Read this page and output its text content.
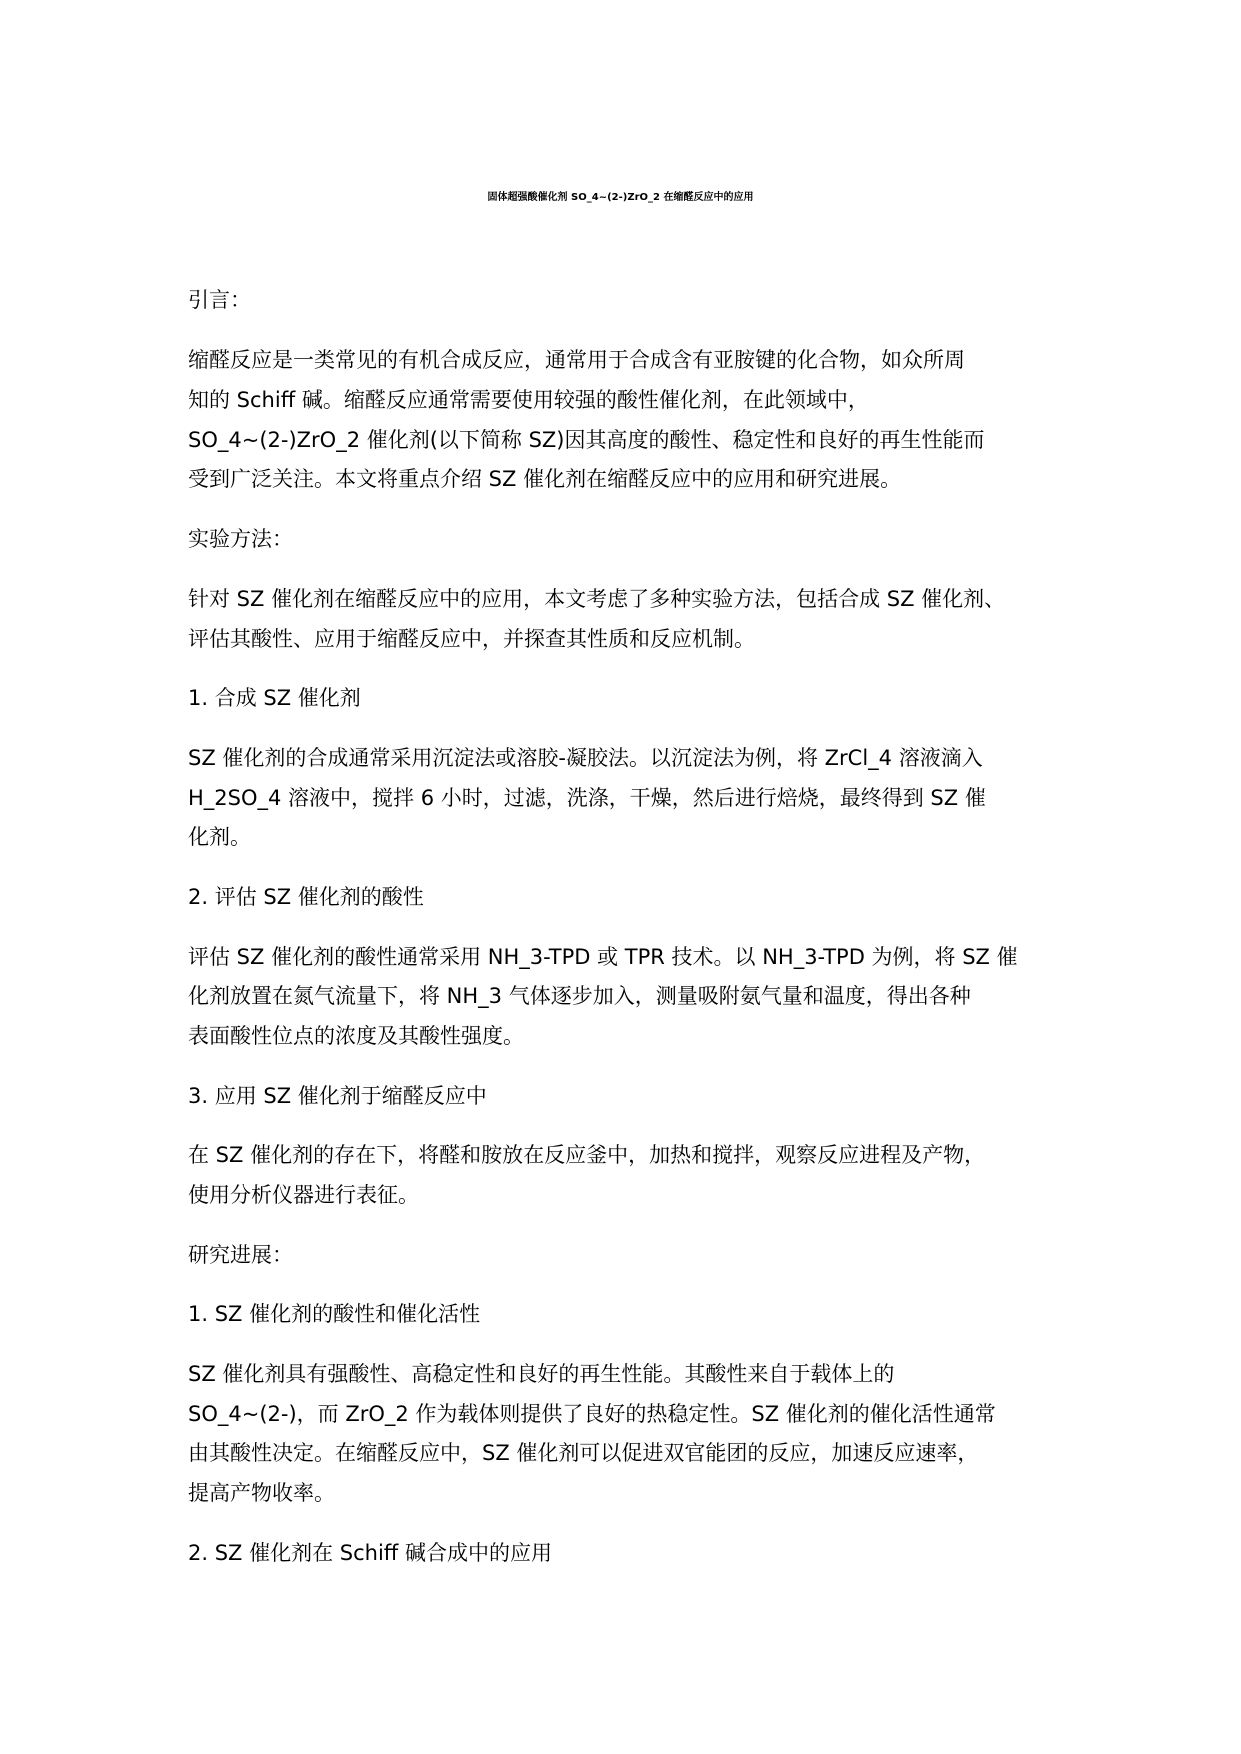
固体超强酸催化剂 SO_4~(2-)ZrO_2 在缩醛反应中的应用
引言：
缩醛反应是一类常见的有机合成反应，通常用于合成含有亚胺键的化合物，如众所周
知的 Schiff 碱。缩醛反应通常需要使用较强的酸性催化剂，在此领域中，
SO_4~(2-)ZrO_2 催化剂(以下简称 SZ)因其高度的酸性、稳定性和良好的再生性能而
受到广泛关注。本文将重点介绍 SZ 催化剂在缩醛反应中的应用和研究进展。
实验方法：
针对 SZ 催化剂在缩醛反应中的应用，本文考虑了多种实验方法，包括合成 SZ 催化剂、
评估其酸性、应用于缩醛反应中，并探查其性质和反应机制。
1. 合成 SZ 催化剂
SZ 催化剂的合成通常采用沉淀法或溶胶-凝胶法。以沉淀法为例，将 ZrCl_4 溶液滴入
H_2SO_4 溶液中，搅拌 6 小时，过滤，洗涤，干燥，然后进行焙烧，最终得到 SZ 催
化剂。
2. 评估 SZ 催化剂的酸性
评估 SZ 催化剂的酸性通常采用 NH_3-TPD 或 TPR 技术。以 NH_3-TPD 为例，将 SZ 催
化剂放置在氮气流量下，将 NH_3 气体逐步加入，测量吸附氨气量和温度，得出各种
表面酸性位点的浓度及其酸性强度。
3. 应用 SZ 催化剂于缩醛反应中
在 SZ 催化剂的存在下，将醛和胺放在反应釜中，加热和搅拌，观察反应进程及产物，
使用分析仪器进行表征。
研究进展：
1. SZ 催化剂的酸性和催化活性
SZ 催化剂具有强酸性、高稳定性和良好的再生性能。其酸性来自于载体上的
SO_4~(2-)，而 ZrO_2 作为载体则提供了良好的热稳定性。SZ 催化剂的催化活性通常
由其酸性决定。在缩醛反应中，SZ 催化剂可以促进双官能团的反应，加速反应速率，
提高产物收率。
2. SZ 催化剂在 Schiff 碱合成中的应用
